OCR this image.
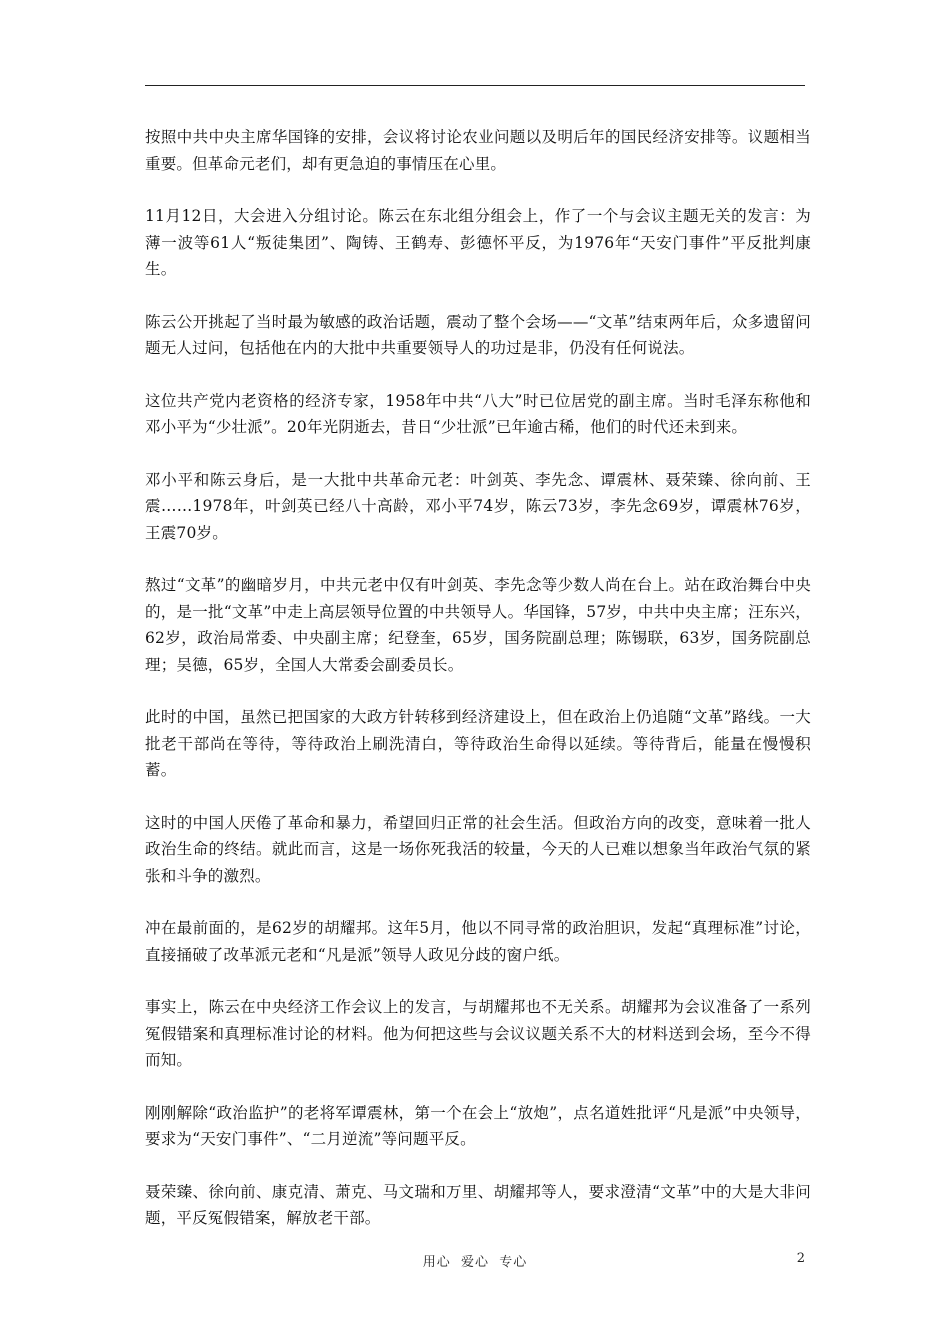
按照中共中央主席华国锋的安排，会议将讨论农业问题以及明后年的国民经济安排等。议题相当重要。但革命元老们，却有更急迫的事情压在心里。

11月12日，大会进入分组讨论。陈云在东北组分组会上，作了一个与会议主题无关的发言：为薄一波等61人“叛徒集团”、陶铸、王鹤寿、彭德怀平反，为1976年“天安门事件”平反批判康生。

陈云公开挑起了当时最为敏感的政治话题，震动了整个会场——“文革”结束两年后，众多遗留问题无人过问，包括他在内的大批中共重要领导人的功过是非，仍没有任何说法。

这位共产党内老资格的经济专家，1958年中共“八大”时已位居党的副主席。当时毛泽东称他和邓小平为“少壮派”。20年光阴逝去，昔日“少壮派”已年逾古稀，他们的时代还未到来。

邓小平和陈云身后，是一大批中共革命元老：叶剑英、李先念、谭震林、聂荣臻、徐向前、王震……1978年，叶剑英已经八十高龄，邓小平74岁，陈云73岁，李先念69岁，谭震林76岁，王震70岁。

熬过“文革”的幽暗岁月，中共元老中仅有叶剑英、李先念等少数人尚在台上。站在政治舞台中央的，是一批“文革”中走上高层领导位置的中共领导人。华国锋，57岁，中共中央主席；汪东兴，62岁，政治局常委、中央副主席；纪登奎，65岁，国务院副总理；陈锡联，63岁，国务院副总理；吴德，65岁，全国人大常委会副委员长。

此时的中国，虽然已把国家的大政方针转移到经济建设上，但在政治上仍追随“文革”路线。一大批老干部尚在等待，等待政治上刷洗清白，等待政治生命得以延续。等待背后，能量在慢慢积蓄。

这时的中国人厌倦了革命和暴力，希望回归正常的社会生活。但政治方向的改变，意味着一批人政治生命的终结。就此而言，这是一场你死我活的较量，今天的人已难以想象当年政治气氛的紧张和斗争的激烈。

冲在最前面的，是62岁的胡耀邦。这年5月，他以不同寻常的政治胆识，发起“真理标准”讨论，直接捅破了改革派元老和“凡是派”领导人政见分歧的窗户纸。

事实上，陈云在中央经济工作会议上的发言，与胡耀邦也不无关系。胡耀邦为会议准备了一系列冤假错案和真理标准讨论的材料。他为何把这些与会议议题关系不大的材料送到会场，至今不得而知。

刚刚解除“政治监护”的老将军谭震林，第一个在会上“放炮”，点名道姓批评“凡是派”中央领导，要求为“天安门事件”、“二月逆流”等问题平反。

聂荣臻、徐向前、康克清、萧克、马文瑞和万里、胡耀邦等人，要求澄清“文革”中的大是大非问题，平反冤假错案，解放老干部。

用心  爱心  专心	2
